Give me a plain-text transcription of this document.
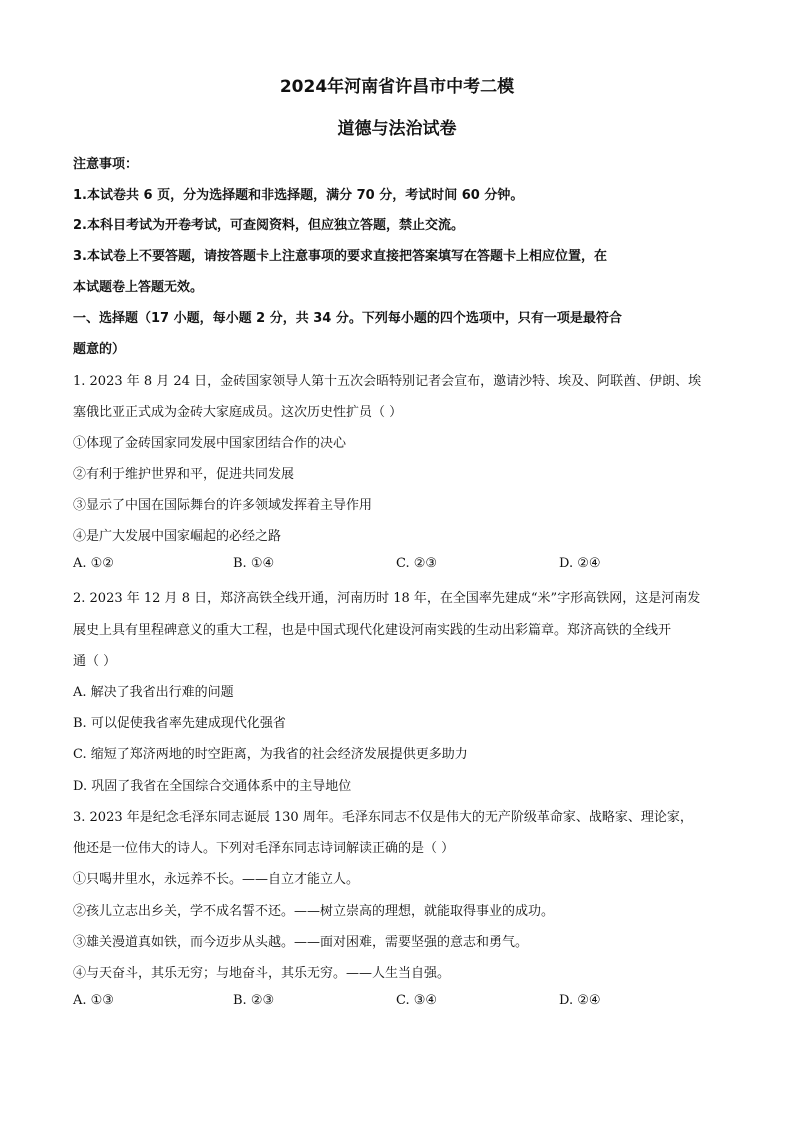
2024年河南省许昌市中考二模
道德与法治试卷
注意事项：
1.本试卷共 6 页，分为选择题和非选择题，满分 70 分，考试时间 60 分钟。
2.本科目考试为开卷考试，可查阅资料，但应独立答题，禁止交流。
3.本试卷上不要答题，请按答题卡上注意事项的要求直接把答案填写在答题卡上相应位置，在
本试题卷上答题无效。
一、选择题（17 小题，每小题 2 分，共 34 分。下列每小题的四个选项中，只有一项是最符合
题意的）
1. 2023 年 8 月 24 日，金砖国家领导人第十五次会晤特别记者会宣布，邀请沙特、埃及、阿联酋、伊朗、埃
塞俄比亚正式成为金砖大家庭成员。这次历史性扩员（ ）
①体现了金砖国家同发展中国家团结合作的决心
②有利于维护世界和平，促进共同发展
③显示了中国在国际舞台的许多领域发挥着主导作用
④是广大发展中国家崛起的必经之路
A. ①②	B. ①④	C. ②③	D. ②④
2. 2023 年 12 月 8 日，郑济高铁全线开通，河南历时 18 年，在全国率先建成“米”字形高铁网，这是河南发
展史上具有里程碑意义的重大工程，也是中国式现代化建设河南实践的生动出彩篇章。郑济高铁的全线开
通（ ）
A. 解决了我省出行难的问题
B. 可以促使我省率先建成现代化强省
C. 缩短了郑济两地的时空距离，为我省的社会经济发展提供更多助力
D. 巩固了我省在全国综合交通体系中的主导地位
3. 2023 年是纪念毛泽东同志诞辰 130 周年。毛泽东同志不仅是伟大的无产阶级革命家、战略家、理论家，
他还是一位伟大的诗人。下列对毛泽东同志诗词解读正确的是（ ）
①只喝井里水，永远养不长。——自立才能立人。
②孩儿立志出乡关，学不成名誓不还。——树立崇高的理想，就能取得事业的成功。
③雄关漫道真如铁，而今迈步从头越。——面对困难，需要坚强的意志和勇气。
④与天奋斗，其乐无穷；与地奋斗，其乐无穷。——人生当自强。
A. ①③	B. ②③	C. ③④	D. ②④
